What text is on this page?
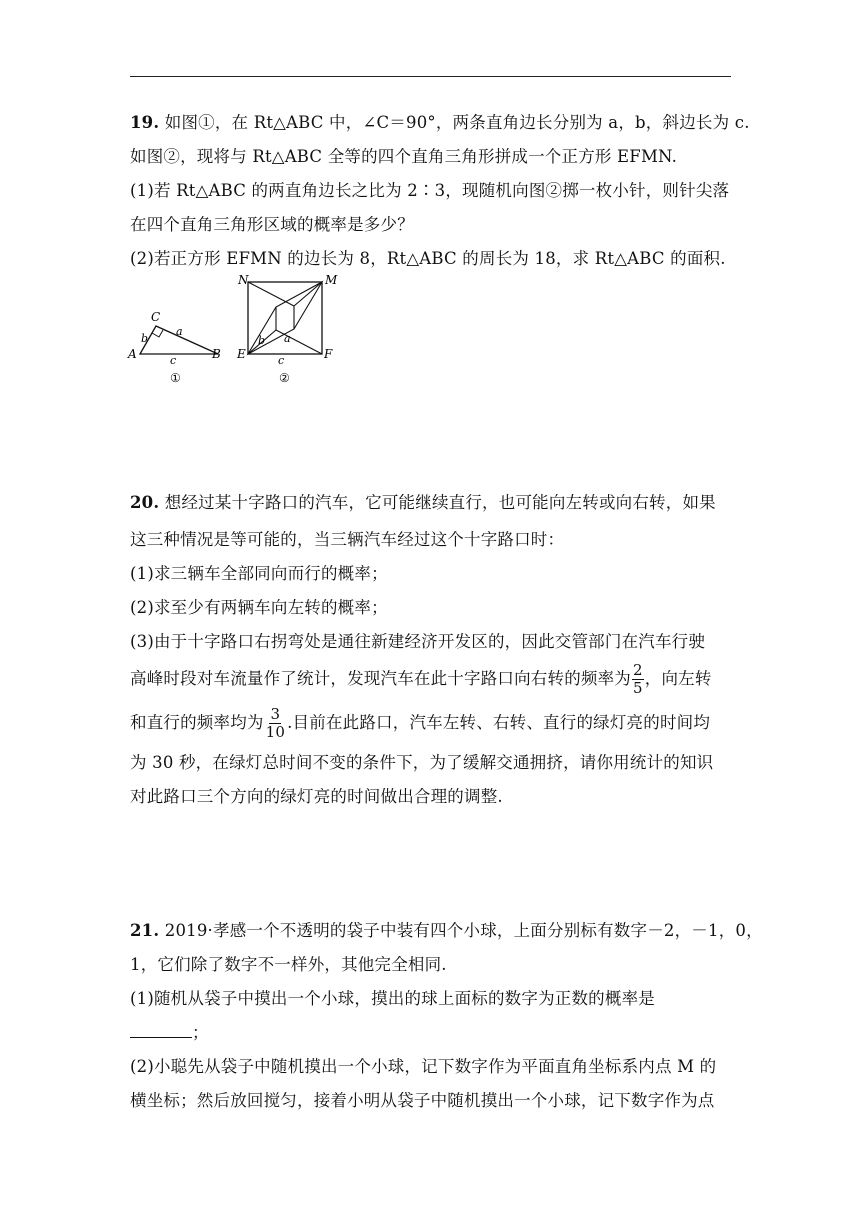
19. 如图①，在 Rt△ABC 中，∠C＝90°，两条直角边长分别为 a，b，斜边长为 c.
如图②，现将与 Rt△ABC 全等的四个直角三角形拼成一个正方形 EFMN.
(1)若 Rt△ABC 的两直角边长之比为 2∶3，现随机向图②掷一枚小针，则针尖落
在四个直角三角形区域的概率是多少？
(2)若正方形 EFMN 的边长为 8，Rt△ABC 的周长为 18，求 Rt△ABC 的面积.
C
A	B
b
a
c
①
N	M
E	F
b a
c
②
20. 想经过某十字路口的汽车，它可能继续直行，也可能向左转或向右转，如果
这三种情况是等可能的，当三辆汽车经过这个十字路口时：
(1)求三辆车全部同向而行的概率；
(2)求至少有两辆车向左转的概率；
(3)由于十字路口右拐弯处是通往新建经济开发区的，因此交管部门在汽车行驶
高峰时段对车流量作了统计，发现汽车在此十字路口向右转的频率为 $\frac{2}{5}$ ，向左转
和直行的频率均为 $\frac{3}{10}$ .目前在此路口，汽车左转、右转、直行的绿灯亮的时间均
为 30 秒，在绿灯总时间不变的条件下，为了缓解交通拥挤，请你用统计的知识
对此路口三个方向的绿灯亮的时间做出合理的调整.
21. 2019·孝感一个不透明的袋子中装有四个小球，上面分别标有数字－2，－1，0，
1，它们除了数字不一样外，其他完全相同.
(1)随机从袋子中摸出一个小球，摸出的球上面标的数字为正数的概率是
；
(2)小聪先从袋子中随机摸出一个小球，记下数字作为平面直角坐标系内点 M 的
横坐标；然后放回搅匀，接着小明从袋子中随机摸出一个小球，记下数字作为点
